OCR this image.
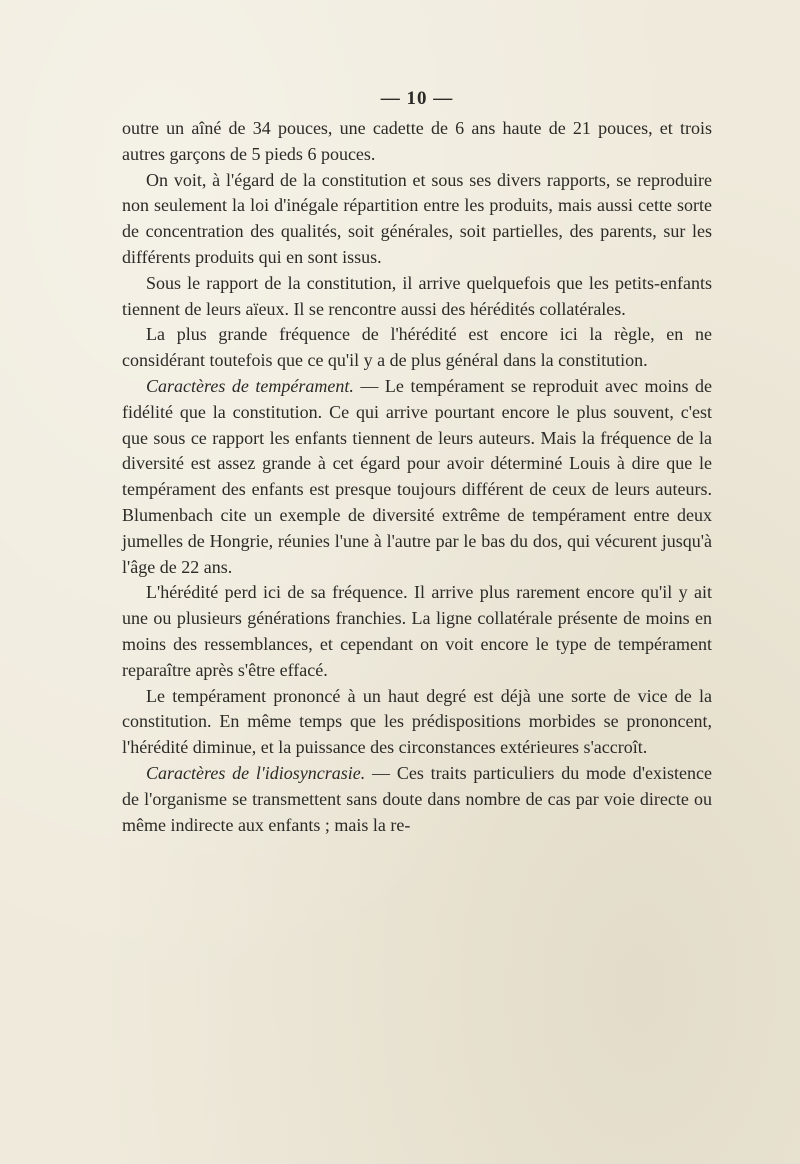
— 10 —

outre un aîné de 34 pouces, une cadette de 6 ans haute de 21 pouces, et trois autres garçons de 5 pieds 6 pouces.

On voit, à l'égard de la constitution et sous ses divers rapports, se reproduire non seulement la loi d'inégale répartition entre les produits, mais aussi cette sorte de concentration des qualités, soit générales, soit partielles, des parents, sur les différents produits qui en sont issus.

Sous le rapport de la constitution, il arrive quelquefois que les petits-enfants tiennent de leurs aïeux. Il se rencontre aussi des hérédités collatérales.

La plus grande fréquence de l'hérédité est encore ici la règle, en ne considérant toutefois que ce qu'il y a de plus général dans la constitution.

Caractères de tempérament. — Le tempérament se reproduit avec moins de fidélité que la constitution. Ce qui arrive pourtant encore le plus souvent, c'est que sous ce rapport les enfants tiennent de leurs auteurs. Mais la fréquence de la diversité est assez grande à cet égard pour avoir déterminé Louis à dire que le tempérament des enfants est presque toujours différent de ceux de leurs auteurs. Blumenbach cite un exemple de diversité extrême de tempérament entre deux jumelles de Hongrie, réunies l'une à l'autre par le bas du dos, qui vécurent jusqu'à l'âge de 22 ans.

L'hérédité perd ici de sa fréquence. Il arrive plus rarement encore qu'il y ait une ou plusieurs générations franchies. La ligne collatérale présente de moins en moins des ressemblances, et cependant on voit encore le type de tempérament reparaître après s'être effacé.

Le tempérament prononcé à un haut degré est déjà une sorte de vice de la constitution. En même temps que les prédispositions morbides se prononcent, l'hérédité diminue, et la puissance des circonstances extérieures s'accroît.

Caractères de l'idiosyncrasie. — Ces traits particuliers du mode d'existence de l'organisme se transmettent sans doute dans nombre de cas par voie directe ou même indirecte aux enfants ; mais la re-
